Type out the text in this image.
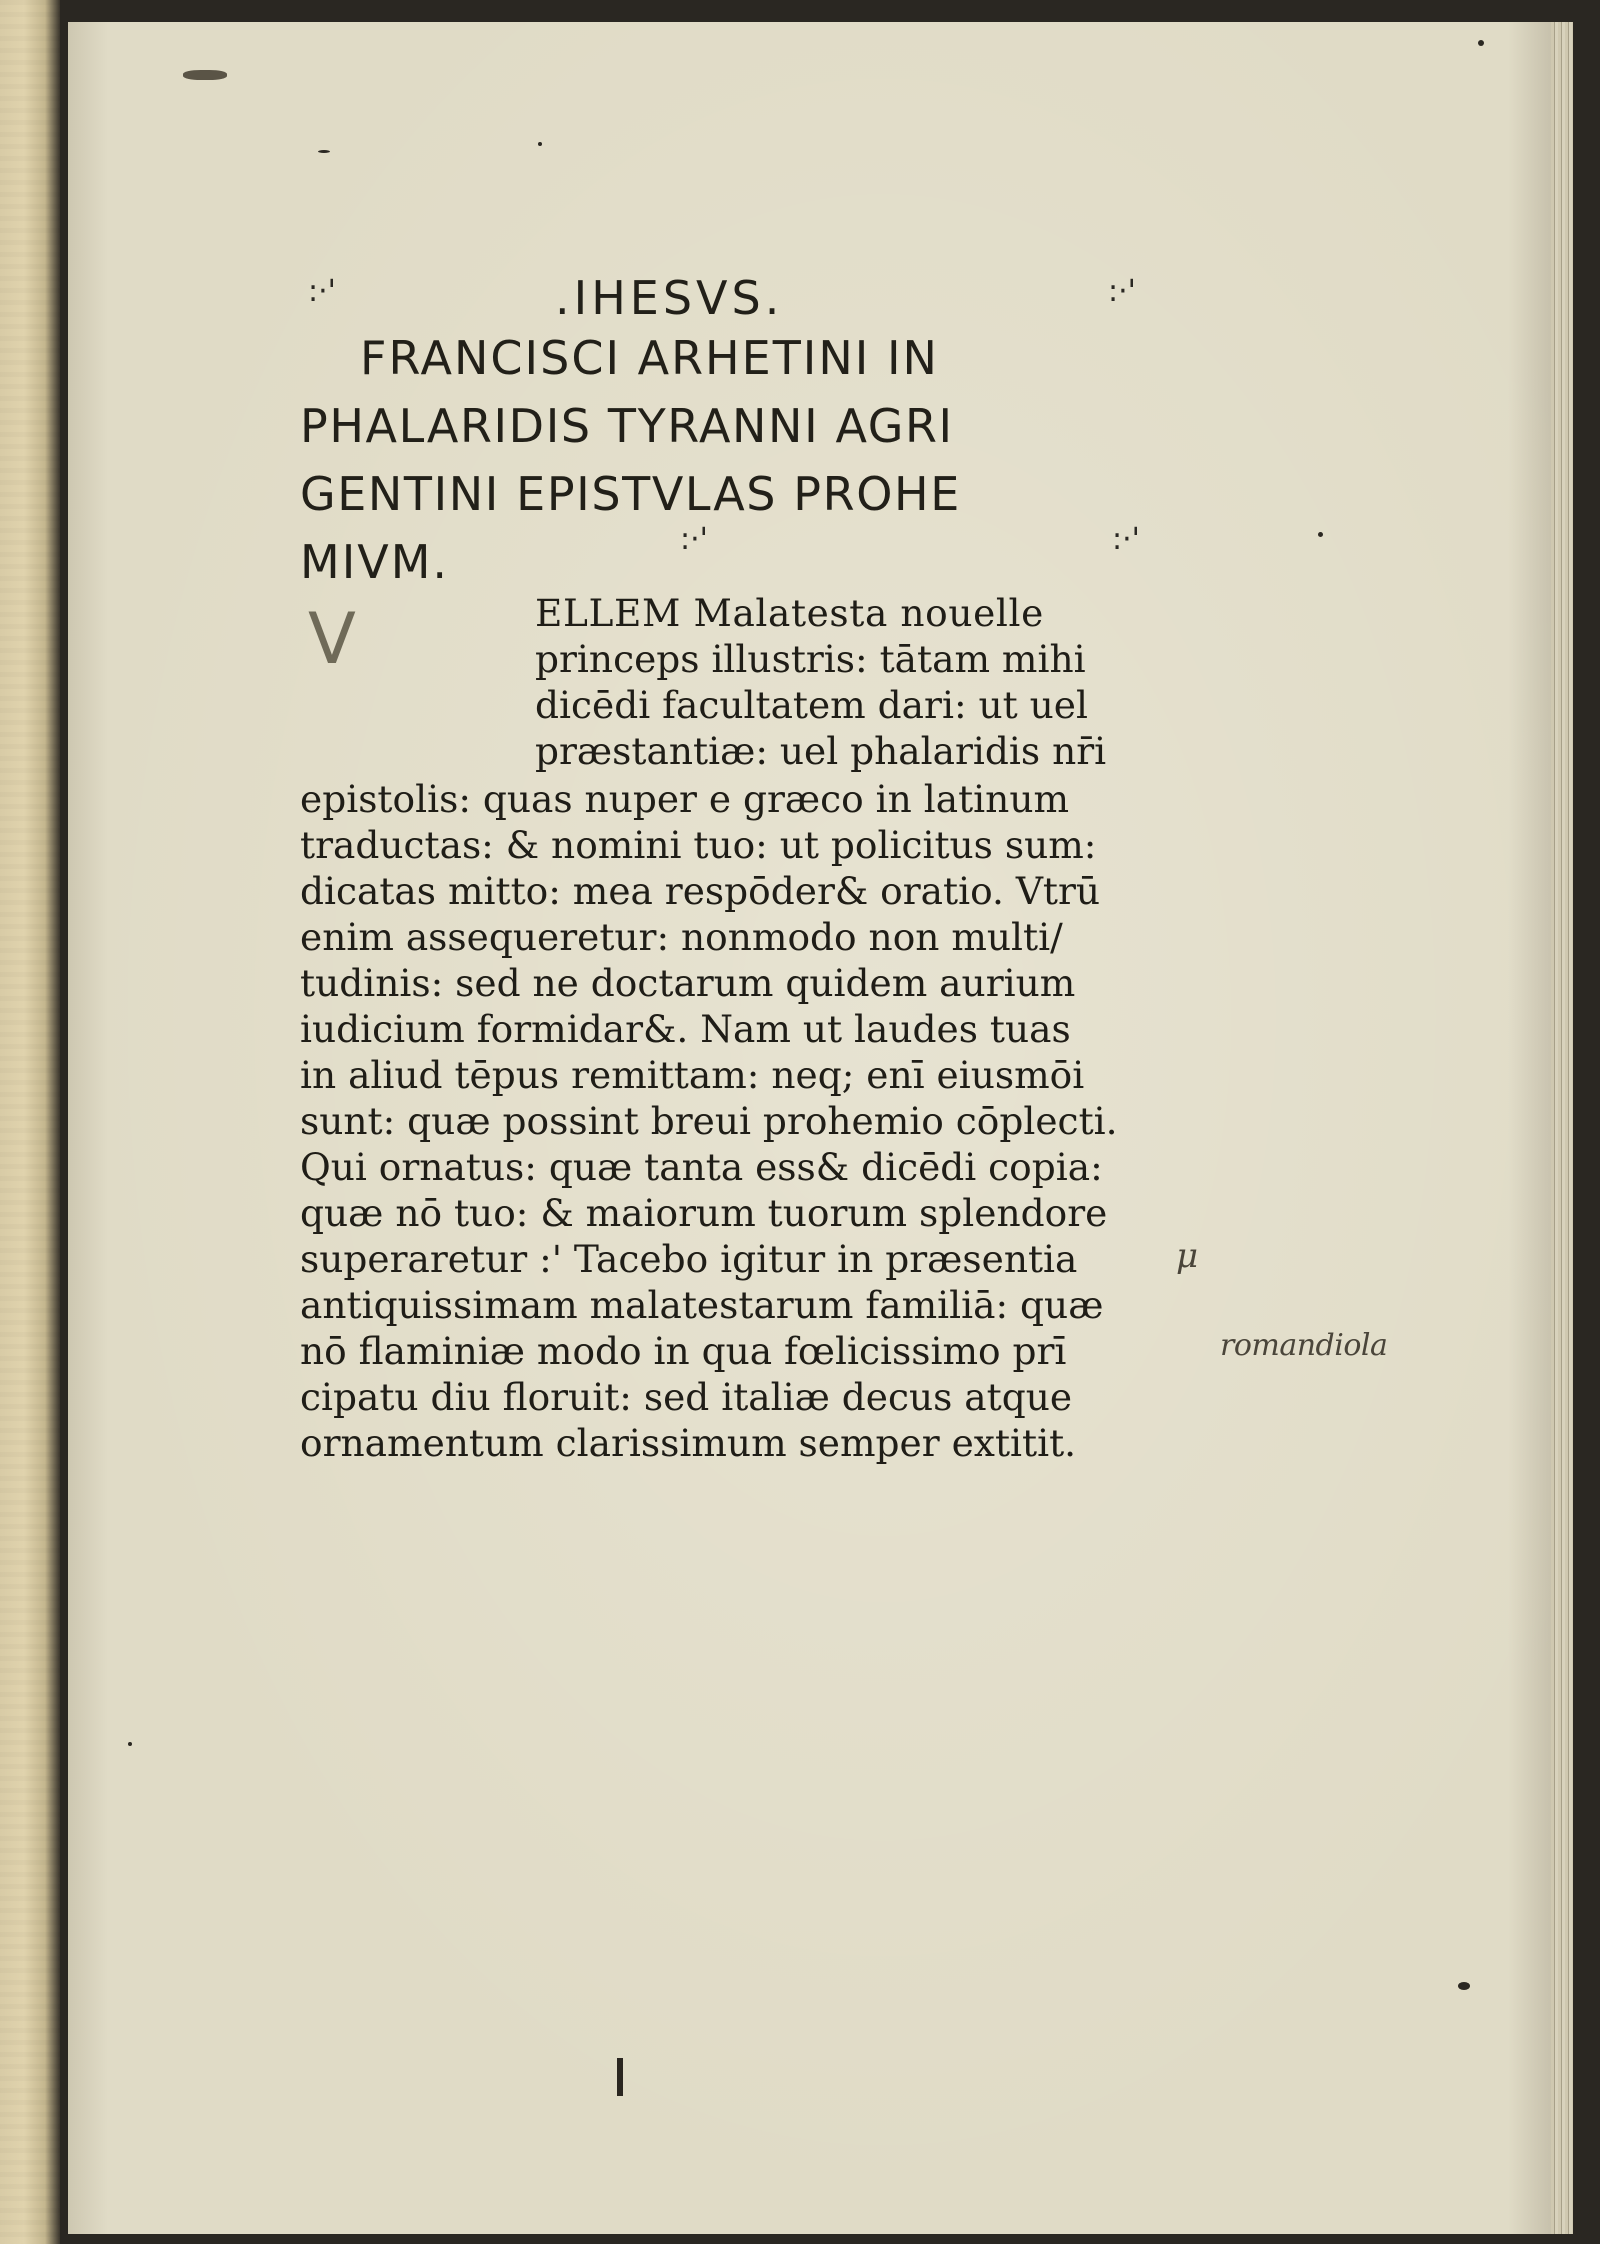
:·'	.IHESVS.	:·'
FRANCISCI ARHETINI IN
PHALARIDIS TYRANNI AGRI
GENTINI EPISTVLAS PROHE
MIVM.	:·'	:·'
V	ELLEM Malatesta nouelle
princeps illustris: tātam mihi
dicēdi facultatem dari: ut uel
præstantiæ: uel phalaridis nr̄i
epistolis: quas nuper e græco in latinum
traductas: & nomini tuo: ut policitus sum:
dicatas mitto: mea respōder& oratio. Vtrū
enim assequeretur: nonmodo non multi/
tudinis: sed ne doctarum quidem aurium
iudicium formidar&. Nam ut laudes tuas
in aliud tēpus remittam: neq; enī eiusmōi
sunt: quæ possint breui prohemio cōplecti.
Qui ornatus: quæ tanta ess& dicēdi copia:
quæ nō tuo: & maiorum tuorum splendore
superaretur :' Tacebo igitur in præsentia
antiquissimam malatestarum familiā: quæ
nō flaminiæ modo in qua fœlicissimo prī
cipatu diu floruit: sed italiæ decus atque
ornamentum clarissimum semper extitit.
μ
romandiola
